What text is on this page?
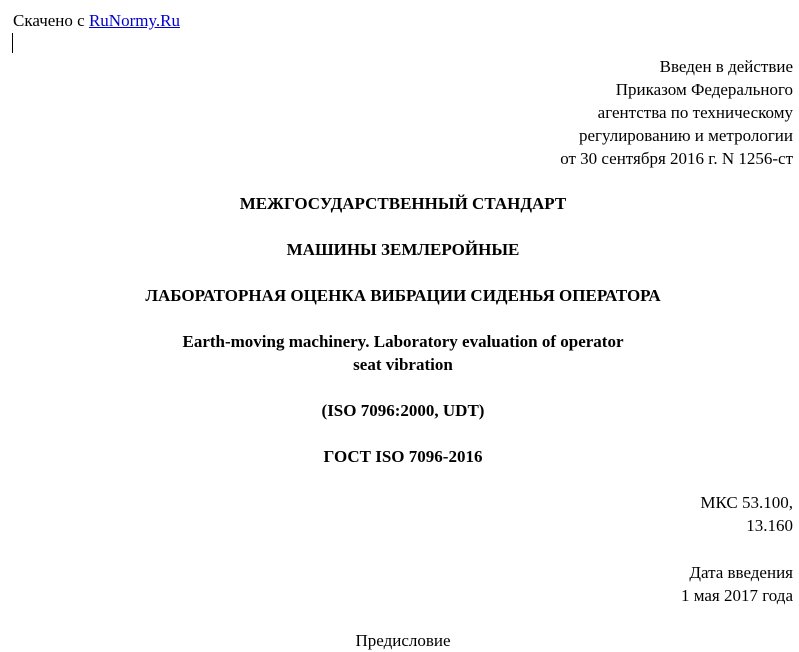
Скачено с RuNormy.Ru
Введен в действие
Приказом Федерального
агентства по техническому
регулированию и метрологии
от 30 сентября 2016 г. N 1256-ст
МЕЖГОСУДАРСТВЕННЫЙ СТАНДАРТ
МАШИНЫ ЗЕМЛЕРОЙНЫЕ
ЛАБОРАТОРНАЯ ОЦЕНКА ВИБРАЦИИ СИДЕНЬЯ ОПЕРАТОРА
Earth-moving machinery. Laboratory evaluation of operator
seat vibration
(ISO 7096:2000, UDT)
ГОСТ ISO 7096-2016
МКС 53.100,
13.160
Дата введения
1 мая 2017 года
Предисловие
